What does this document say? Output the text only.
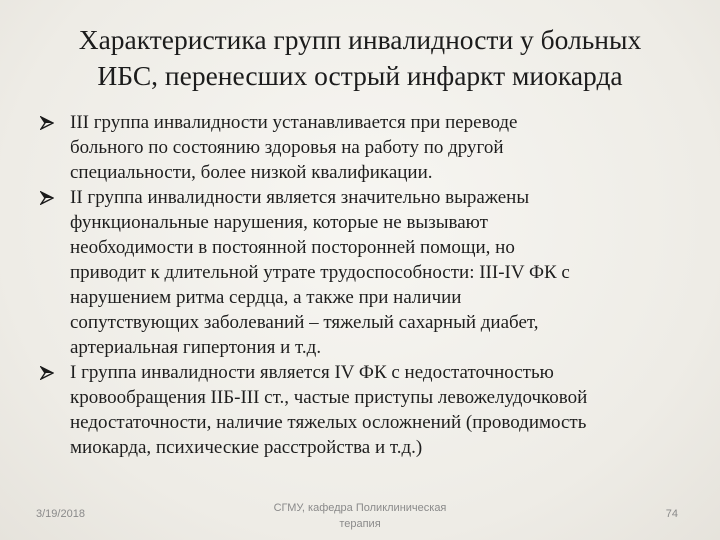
Характеристика групп инвалидности у больных
ИБС, перенесших острый инфаркт миокарда
III группа инвалидности устанавливается при переводе
больного по состоянию здоровья на работу по другой
специальности, более низкой квалификации.
II группа инвалидности является значительно выражены
функциональные нарушения, которые не вызывают
необходимости в постоянной посторонней помощи, но
приводит к длительной утрате трудоспособности: III-IV ФК с
нарушением ритма сердца, а также при наличии
сопутствующих заболеваний – тяжелый сахарный диабет,
артериальная гипертония и т.д.
I группа инвалидности является IV ФК с недостаточностью
кровообращения IIБ-III ст., частые приступы левожелудочковой
недостаточности, наличие тяжелых осложнений (проводимость
миокарда, психические расстройства и т.д.)
3/19/2018	СГМУ, кафедра Поликлиническая
терапия
74
